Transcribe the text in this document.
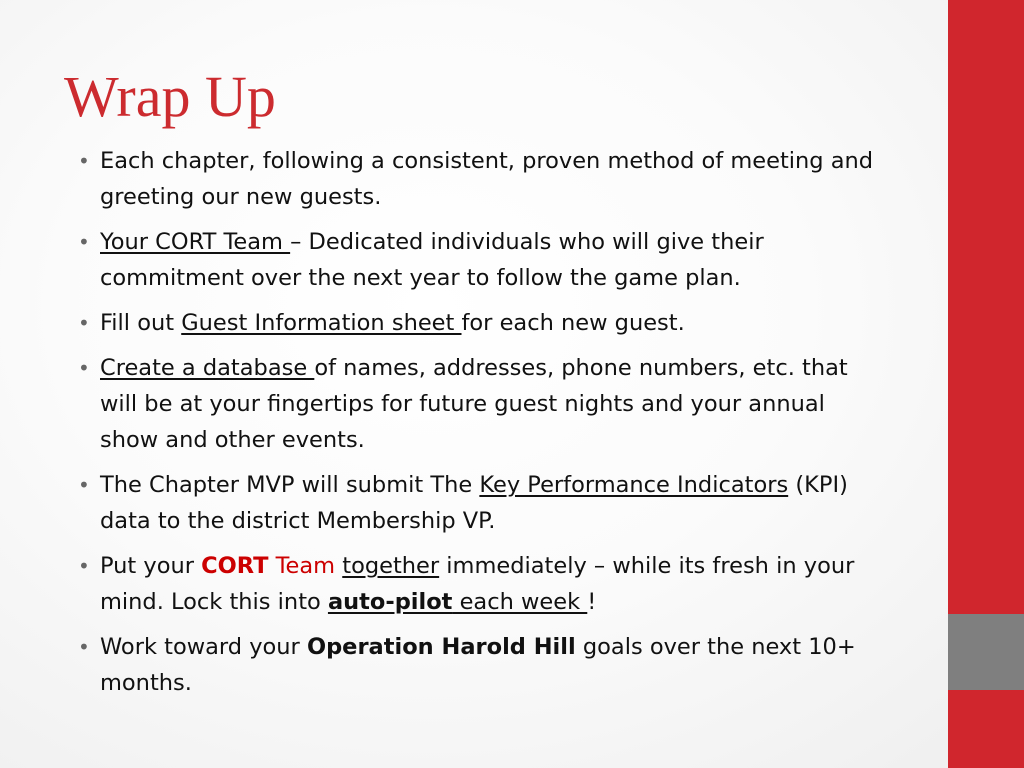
Wrap Up
• Each chapter, following a consistent, proven method of meeting and greeting our new guests.
• Your CORT Team – Dedicated individuals who will give their commitment over the next year to follow the game plan.
• Fill out Guest Information sheet for each new guest.
• Create a database of names, addresses, phone numbers, etc. that will be at your fingertips for future guest nights and your annual show and other events.
• The Chapter MVP will submit The Key Performance Indicators (KPI) data to the district Membership VP.
• Put your CORT Team together immediately – while its fresh in your mind. Lock this into auto-pilot each week !
• Work toward your Operation Harold Hill goals over the next 10+ months.
